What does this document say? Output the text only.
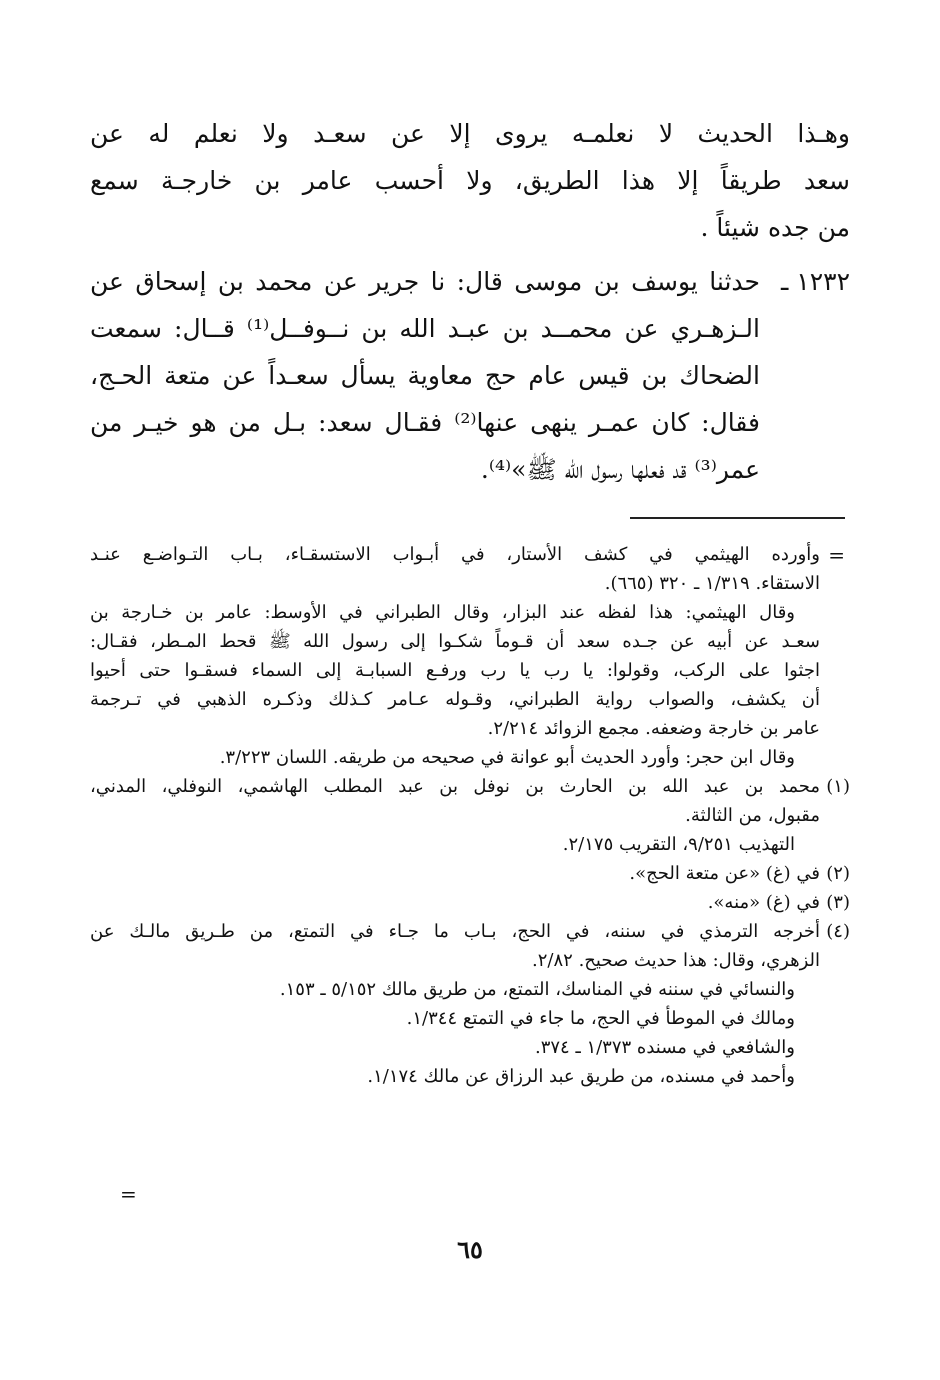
وهـذا الحديث لا نعلمـه يروى إلا عن سعـد ولا نعلم له عن
سعد طريقاً إلا هذا الطريق، ولا أحسب عامر بن خارجـة سمع
من جده شيئاً .
١٢٣٢ ـ
حدثنا يوسف بن موسى قال: نا جرير عن محمد بن إسحاق عن
الـزهـري عن محمــد بن عبـد الله بن نــوفــل⁽¹⁾ قــال: سمعت
الضحاك بن قيس عام حج معاوية يسأل سعـداً عن متعة الحـج،
فقال: كان عمـر ينهى عنها⁽²⁾ فقـال سعد: بـل من هو خيـر من
عمر⁽³⁾ قد فعلها رسول الله ﷺ»⁽⁴⁾.
=
وأورده الهيثمي في كشف الأستار، في أبـواب الاستسقـاء، بـاب التـواضـع عنـد
الاستقاء. ١/٣١٩ ـ ٣٢٠ (٦٦٥).
وقال الهيثمي: هذا لفظه عند البزار، وقال الطبراني في الأوسط: عامر بن خـارجة بن
سعـد عن أبيه عن جـده سعد أن قـوماً شكـوا إلى رسول الله ﷺ قحط المـطر، فقـال:
اجثوا على الركب، وقولوا: يا رب يا رب ورفـع السبابـة إلى السماء فسقـوا حتى أحيوا
أن يكشف، والصواب رواية الطبراني، وقـوله عـامر كـذلك وذكـره الذهبي في تـرجمة
عامر بن خارجة وضعفه. مجمع الزوائد ٢/٢١٤.
وقال ابن حجر: وأورد الحديث أبو عوانة في صحيحه من طريقه. اللسان ٣/٢٢٣.
(١)
محمد بن عبد الله بن الحارث بن نوفل بن عبد المطلب الهاشمي، النوفلي، المدني،
مقبول، من الثالثة.
التهذيب ٩/٢٥١، التقريب ٢/١٧٥.
(٢)
في (غ) «عن متعة الحج».
(٣)
في (غ) «منه».
(٤)
أخرجه الترمذي في سننه، في الحج، بـاب ما جـاء في التمتع، من طـريق مالـك عن
الزهري، وقال: هذا حديث صحيح. ٢/٨٢.
والنسائي في سننه في المناسك، التمتع، من طريق مالك ٥/١٥٢ ـ ١٥٣.
ومالك في الموطأ في الحج، ما جاء في التمتع ١/٣٤٤.
والشافعي في مسنده ١/٣٧٣ ـ ٣٧٤.
وأحمد في مسنده، من طريق عبد الرزاق عن مالك ١/١٧٤.
=
٦٥
